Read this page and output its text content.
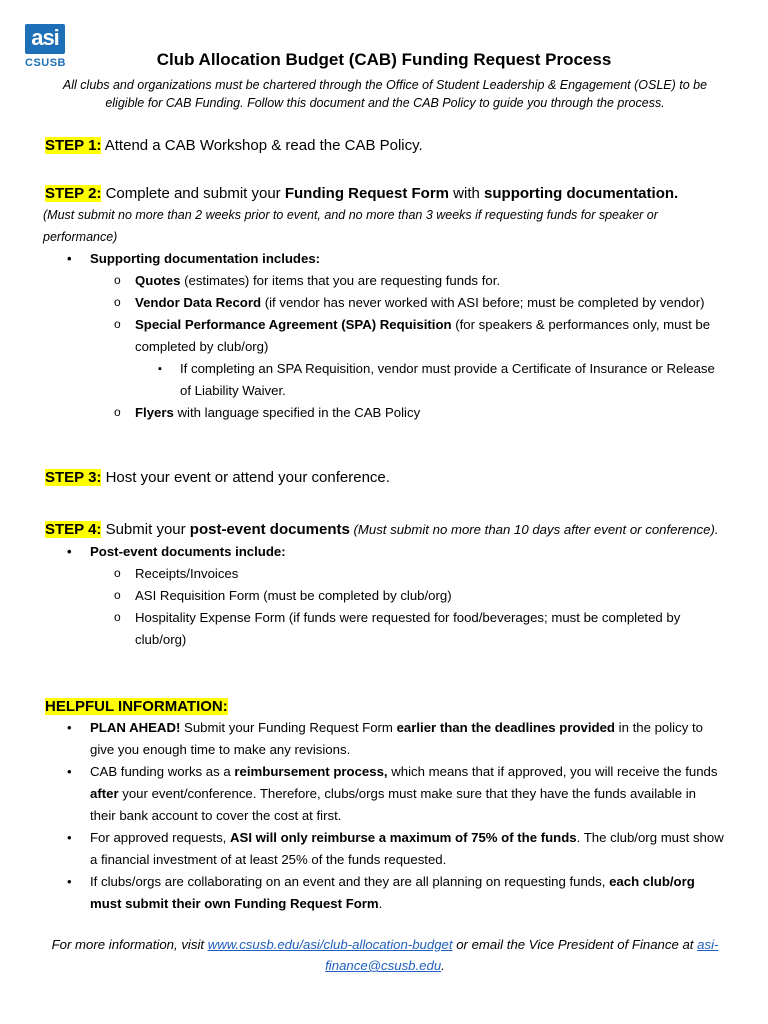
asi
CSUSB	Club Allocation Budget (CAB) Funding Request Process
All clubs and organizations must be chartered through the Office of Student Leadership & Engagement (OSLE) to be eligible for CAB Funding. Follow this document and the CAB Policy to guide you through the process.
STEP 1: Attend a CAB Workshop & read the CAB Policy.
STEP 2: Complete and submit your Funding Request Form with supporting documentation.
(Must submit no more than 2 weeks prior to event, and no more than 3 weeks if requesting funds for speaker or performance)
• Supporting documentation includes:
o Quotes (estimates) for items that you are requesting funds for.
o Vendor Data Record (if vendor has never worked with ASI before; must be completed by vendor)
o Special Performance Agreement (SPA) Requisition (for speakers & performances only, must be completed by club/org)
▪ If completing an SPA Requisition, vendor must provide a Certificate of Insurance or Release of Liability Waiver.
o Flyers with language specified in the CAB Policy
STEP 3: Host your event or attend your conference.
STEP 4: Submit your post-event documents (Must submit no more than 10 days after event or conference).
• Post-event documents include:
o Receipts/Invoices
o ASI Requisition Form (must be completed by club/org)
o Hospitality Expense Form (if funds were requested for food/beverages; must be completed by club/org)
HELPFUL INFORMATION:
• PLAN AHEAD! Submit your Funding Request Form earlier than the deadlines provided in the policy to give you enough time to make any revisions.
• CAB funding works as a reimbursement process, which means that if approved, you will receive the funds after your event/conference. Therefore, clubs/orgs must make sure that they have the funds available in their bank account to cover the cost at first.
• For approved requests, ASI will only reimburse a maximum of 75% of the funds. The club/org must show a financial investment of at least 25% of the funds requested.
• If clubs/orgs are collaborating on an event and they are all planning on requesting funds, each club/org must submit their own Funding Request Form.
For more information, visit www.csusb.edu/asi/club-allocation-budget or email the Vice President of Finance at asi-finance@csusb.edu.
